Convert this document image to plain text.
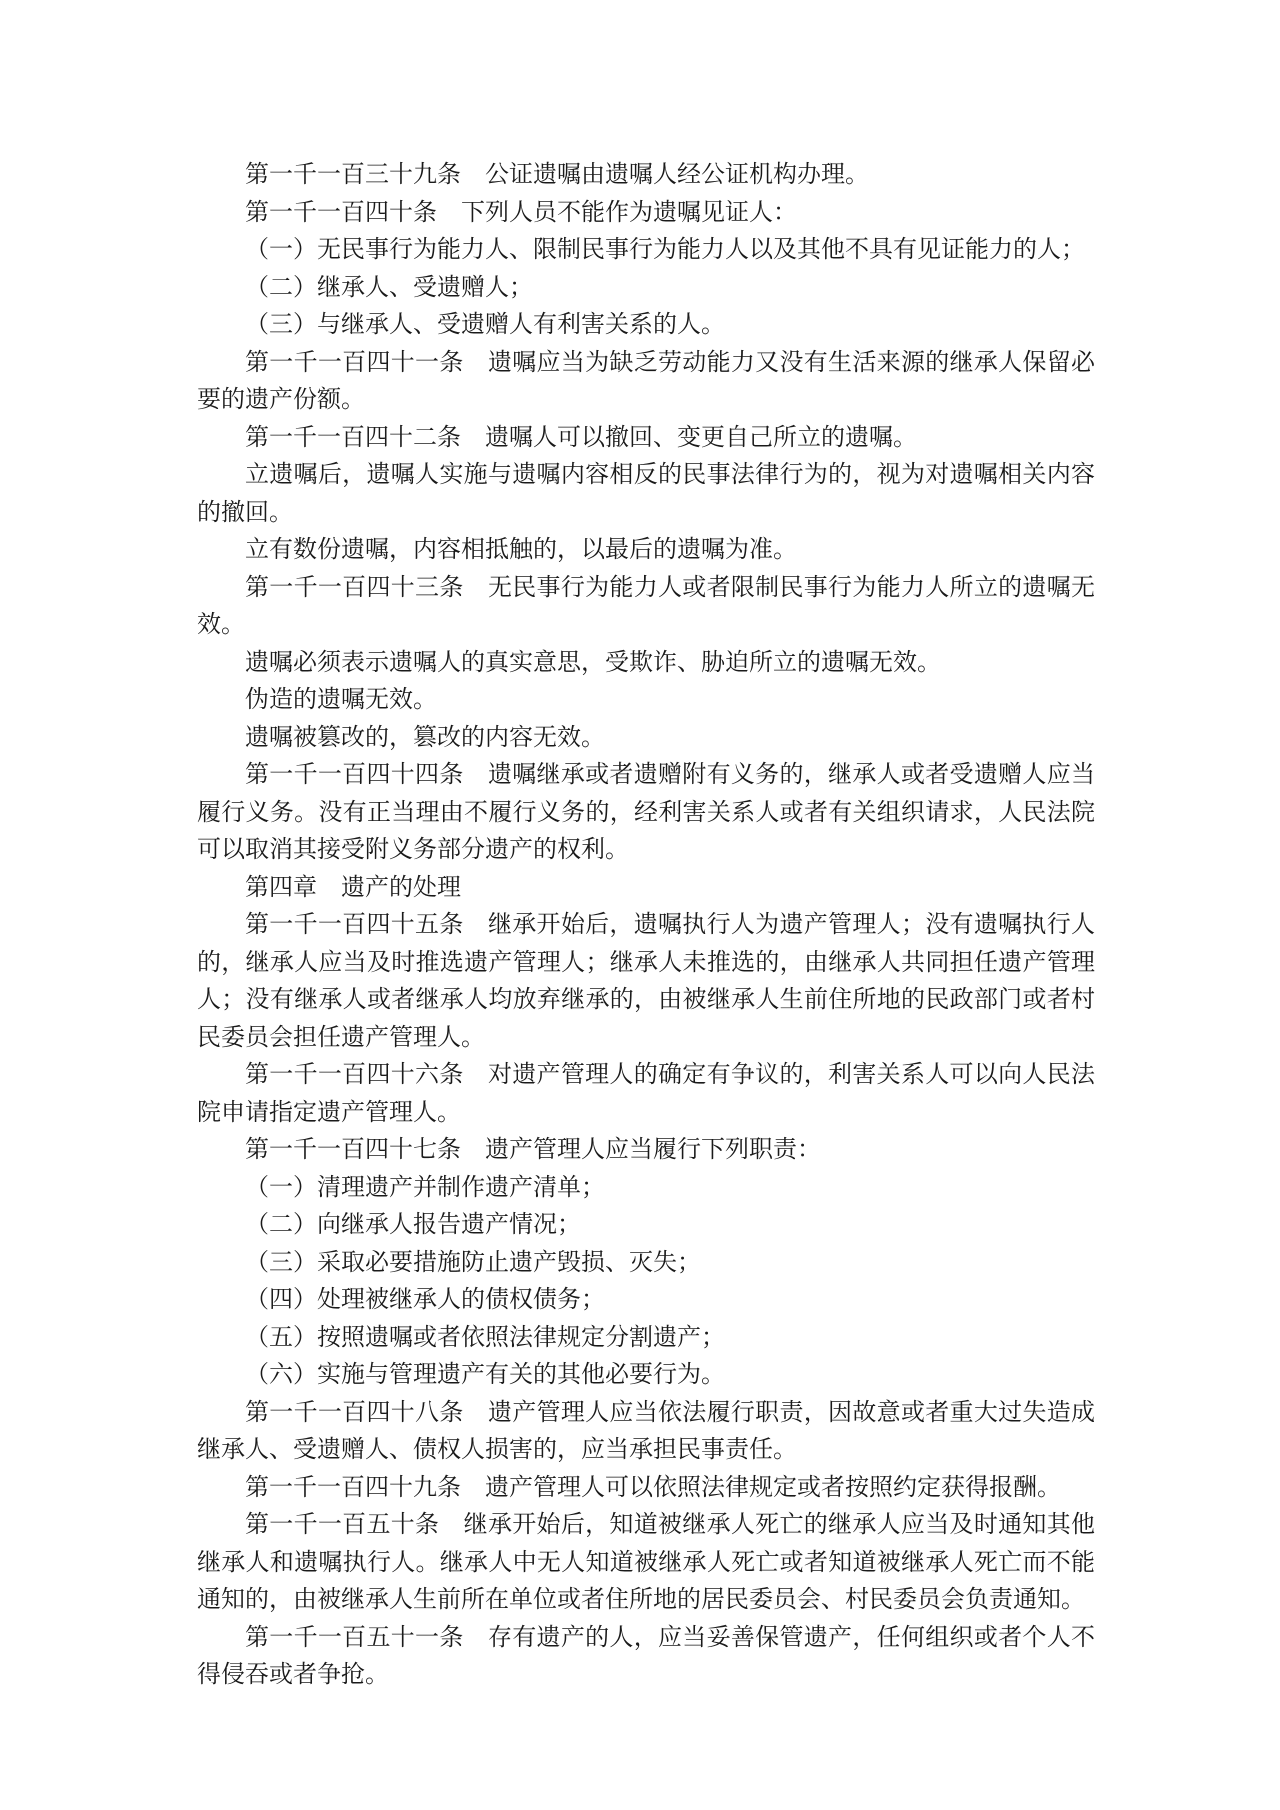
第一千一百三十九条　公证遗嘱由遗嘱人经公证机构办理。

第一千一百四十条　下列人员不能作为遗嘱见证人：

（一）无民事行为能力人、限制民事行为能力人以及其他不具有见证能力的人；

（二）继承人、受遗赠人；

（三）与继承人、受遗赠人有利害关系的人。

第一千一百四十一条　遗嘱应当为缺乏劳动能力又没有生活来源的继承人保留必要的遗产份额。

第一千一百四十二条　遗嘱人可以撤回、变更自己所立的遗嘱。

立遗嘱后，遗嘱人实施与遗嘱内容相反的民事法律行为的，视为对遗嘱相关内容的撤回。

立有数份遗嘱，内容相抵触的，以最后的遗嘱为准。

第一千一百四十三条　无民事行为能力人或者限制民事行为能力人所立的遗嘱无效。

遗嘱必须表示遗嘱人的真实意思，受欺诈、胁迫所立的遗嘱无效。

伪造的遗嘱无效。

遗嘱被篡改的，篡改的内容无效。

第一千一百四十四条　遗嘱继承或者遗赠附有义务的，继承人或者受遗赠人应当履行义务。没有正当理由不履行义务的，经利害关系人或者有关组织请求，人民法院可以取消其接受附义务部分遗产的权利。

第四章　遗产的处理

第一千一百四十五条　继承开始后，遗嘱执行人为遗产管理人；没有遗嘱执行人的，继承人应当及时推选遗产管理人；继承人未推选的，由继承人共同担任遗产管理人；没有继承人或者继承人均放弃继承的，由被继承人生前住所地的民政部门或者村民委员会担任遗产管理人。

第一千一百四十六条　对遗产管理人的确定有争议的，利害关系人可以向人民法院申请指定遗产管理人。

第一千一百四十七条　遗产管理人应当履行下列职责：

（一）清理遗产并制作遗产清单；

（二）向继承人报告遗产情况；

（三）采取必要措施防止遗产毁损、灭失；

（四）处理被继承人的债权债务；

（五）按照遗嘱或者依照法律规定分割遗产；

（六）实施与管理遗产有关的其他必要行为。

第一千一百四十八条　遗产管理人应当依法履行职责，因故意或者重大过失造成继承人、受遗赠人、债权人损害的，应当承担民事责任。

第一千一百四十九条　遗产管理人可以依照法律规定或者按照约定获得报酬。

第一千一百五十条　继承开始后，知道被继承人死亡的继承人应当及时通知其他继承人和遗嘱执行人。继承人中无人知道被继承人死亡或者知道被继承人死亡而不能通知的，由被继承人生前所在单位或者住所地的居民委员会、村民委员会负责通知。

第一千一百五十一条　存有遗产的人，应当妥善保管遗产，任何组织或者个人不得侵吞或者争抢。
